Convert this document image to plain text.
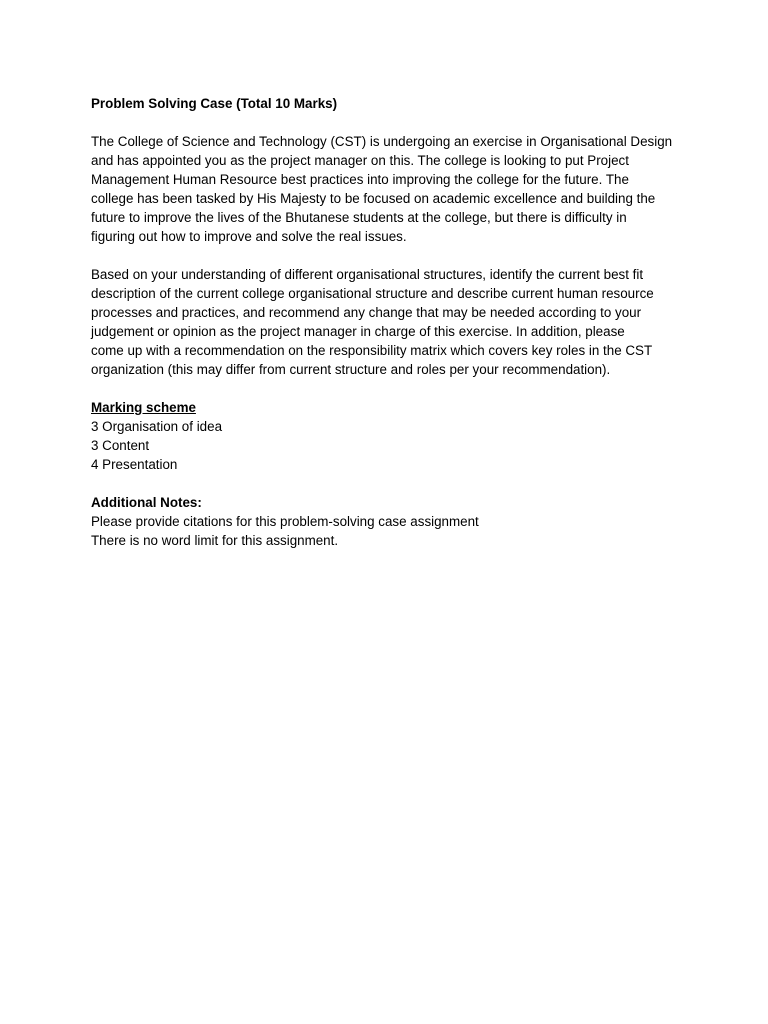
Problem Solving Case (Total 10 Marks)
The College of Science and Technology (CST) is undergoing an exercise in Organisational Design
and has appointed you as the project manager on this. The college is looking to put Project
Management Human Resource best practices into improving the college for the future. The
college has been tasked by His Majesty to be focused on academic excellence and building the
future to improve the lives of the Bhutanese students at the college, but there is difficulty in
figuring out how to improve and solve the real issues.
Based on your understanding of different organisational structures, identify the current best fit
description of the current college organisational structure and describe current human resource
processes and practices, and recommend any change that may be needed according to your
judgement or opinion as the project manager in charge of this exercise. In addition, please
come up with a recommendation on the responsibility matrix which covers key roles in the CST
organization (this may differ from current structure and roles per your recommendation).
Marking scheme
3 Organisation of idea
3 Content
4 Presentation
Additional Notes:
Please provide citations for this problem-solving case assignment
There is no word limit for this assignment.
